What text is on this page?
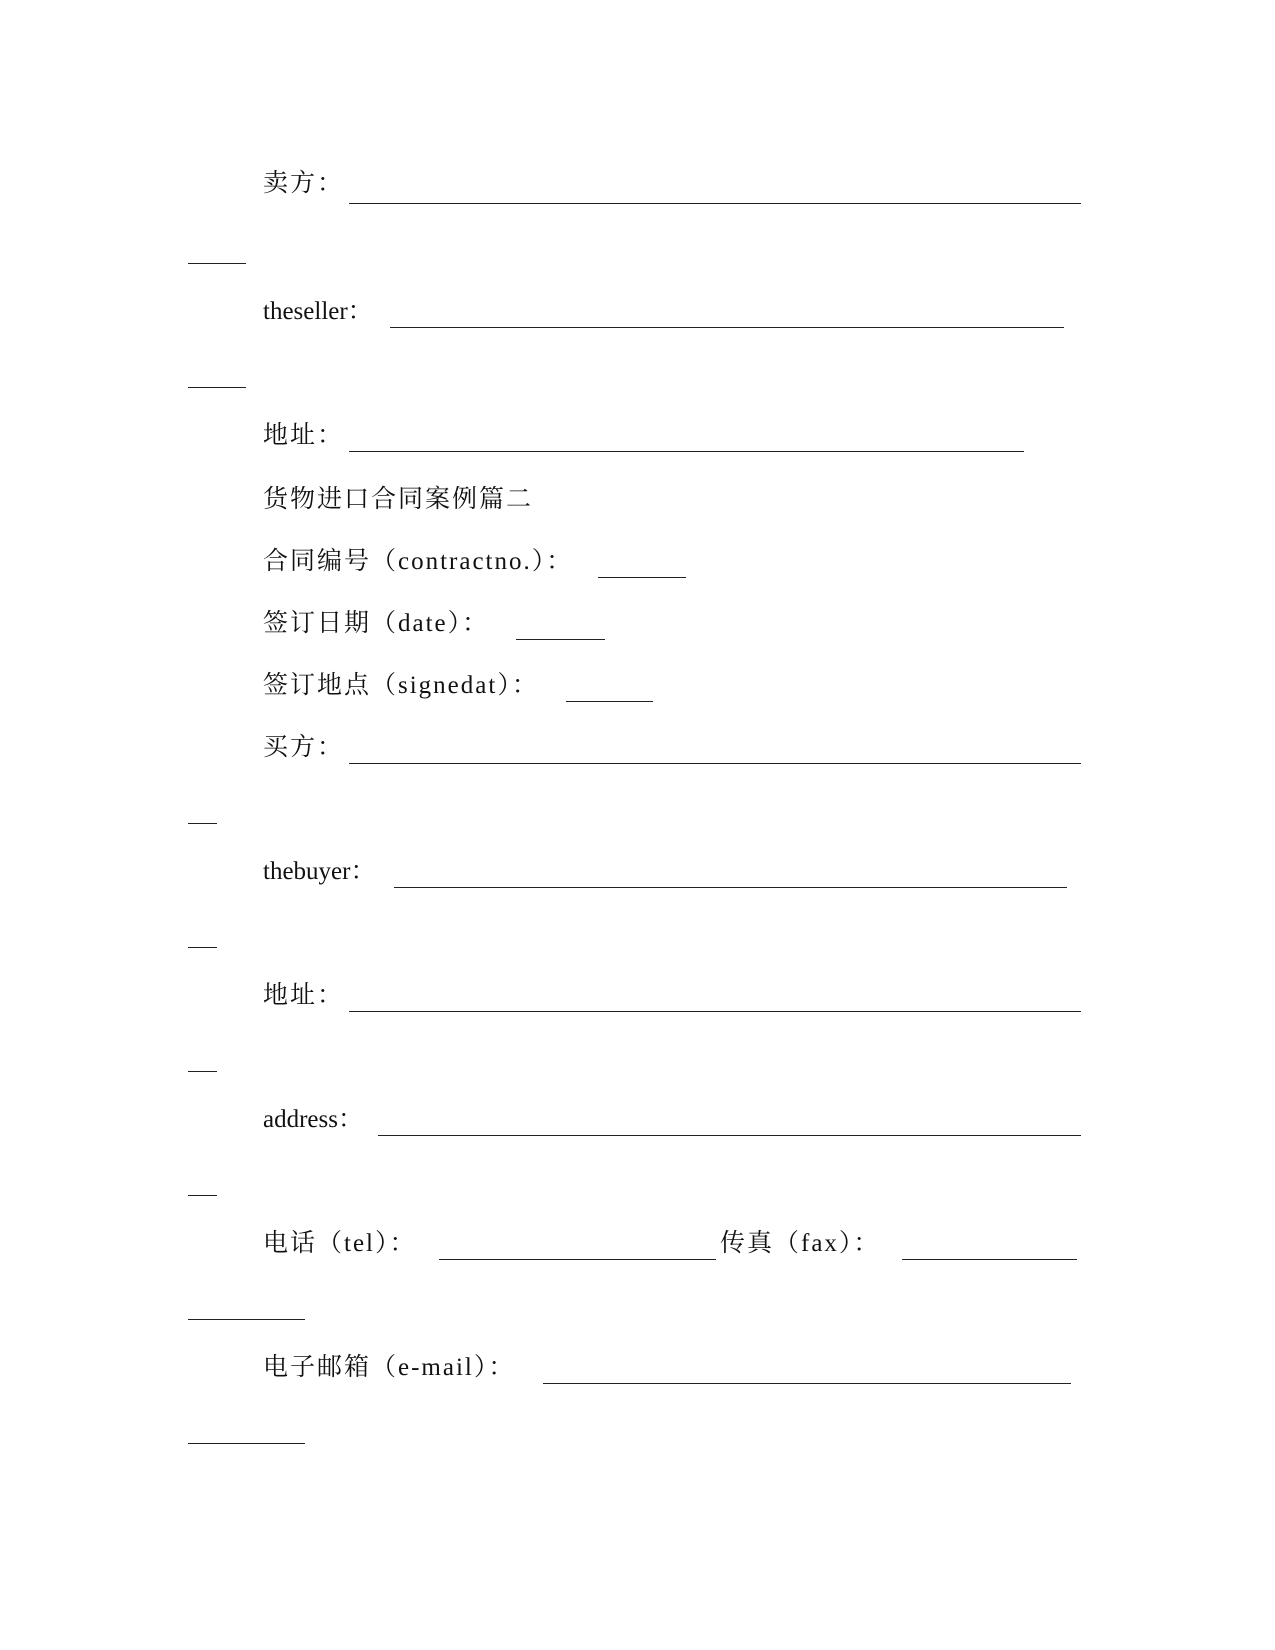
卖方：
theseller：
地址：
货物进口合同案例篇二
合同编号（contractno.）：
签订日期（date）：
签订地点（signedat）：
买方：
thebuyer：
地址：
address：
电话（tel）：	传真（fax）：
电子邮箱（e-mail）：
